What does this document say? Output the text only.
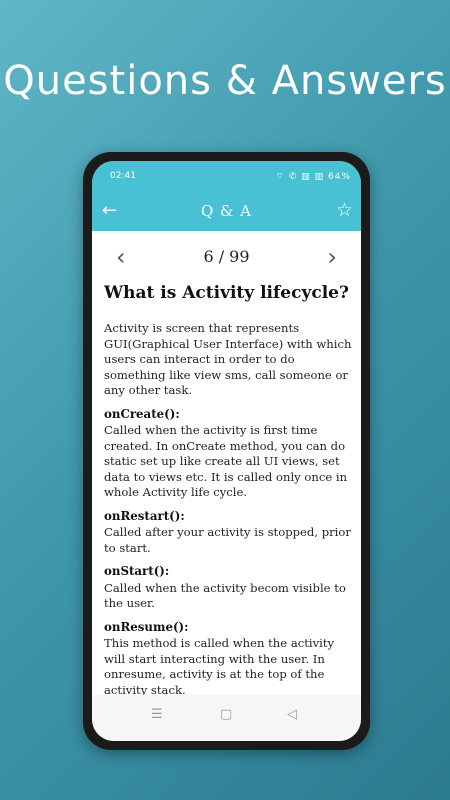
Questions & Answers
02:41	⌔ ✆ ▥ ▥ 64%
←	Q & A	☆
‹	6 / 99	›
What is Activity lifecycle?

Activity is screen that represents GUI(Graphical User Interface) with which users can interact in order to do something like view sms, call someone or any other task.

onCreate():

Called when the activity is first time created. In onCreate method, you can do static set up like create all UI views, set data to views etc. It is called only once in whole Activity life cycle.

onRestart():

Called after your activity is stopped, prior to start.

onStart():

Called when the activity becom visible to the user.

onResume():

This method is called when the activity will start interacting with the user. In onresume, activity is at the top of the activity stack.

☰	▢	◁
